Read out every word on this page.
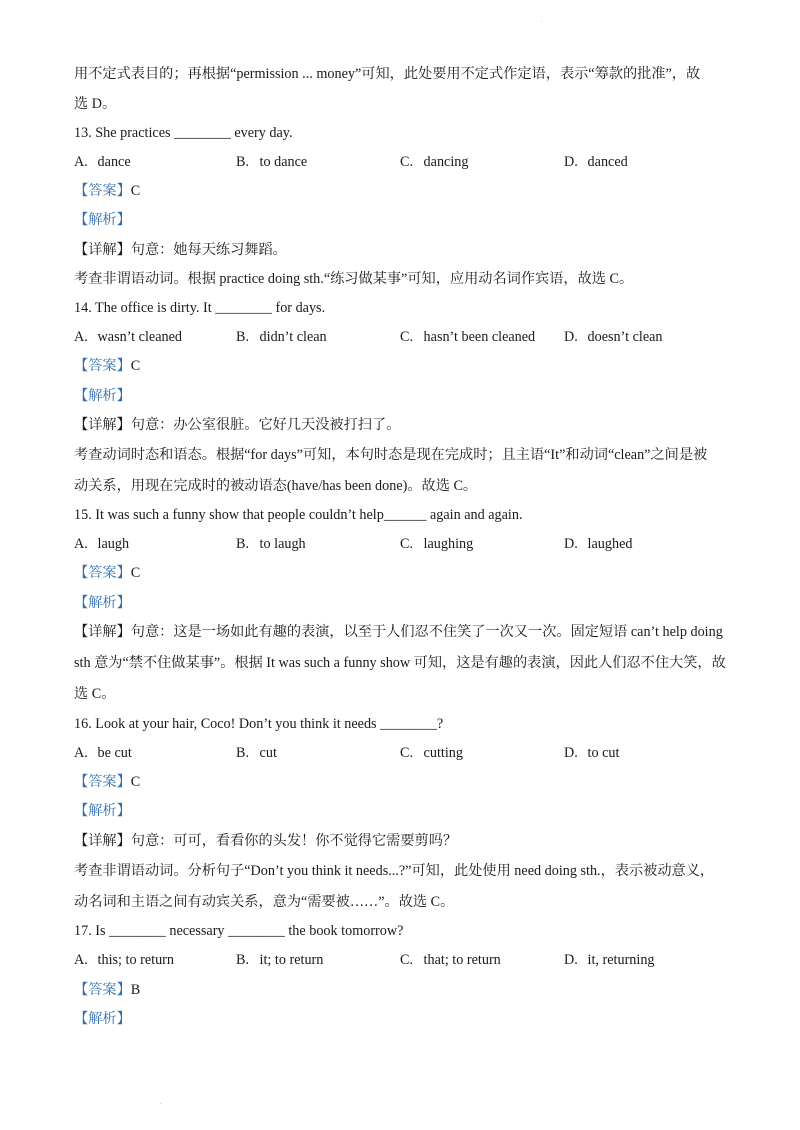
.
用不定式表目的；再根据“permission ... money”可知，此处要用不定式作定语，表示“筹款的批准”，故
选 D。
13. She practices ________ every day.
A. dance	B. to dance	C. dancing	D. danced
【答案】C
【解析】
【详解】句意：她每天练习舞蹈。
考查非谓语动词。根据 practice doing sth.“练习做某事”可知，应用动名词作宾语，故选 C。
14. The office is dirty. It ________ for days.
A. wasn’t cleaned	B. didn’t clean	C. hasn’t been cleaned D. doesn’t clean
【答案】C
【解析】
【详解】句意：办公室很脏。它好几天没被打扫了。
考查动词时态和语态。根据“for days”可知，本句时态是现在完成时；且主语“It”和动词“clean”之间是被
动关系，用现在完成时的被动语态(have/has been done)。故选 C。
15. It was such a funny show that people couldn’t help______ again and again.
A. laugh	B. to laugh	C. laughing	D. laughed
【答案】C
【解析】
【详解】句意：这是一场如此有趣的表演，以至于人们忍不住笑了一次又一次。固定短语 can’t help doing
sth 意为“禁不住做某事”。根据 It was such a funny show 可知，这是有趣的表演，因此人们忍不住大笑，故
选 C。
16. Look at your hair, Coco! Don’t you think it needs ________?
A. be cut	B. cut	C. cutting	D. to cut
【答案】C
【解析】
【详解】句意：可可，看看你的头发！你不觉得它需要剪吗？
考查非谓语动词。分析句子“Don’t you think it needs...?”可知，此处使用 need doing sth.，表示被动意义，
动名词和主语之间有动宾关系，意为“需要被……”。故选 C。
17. Is ________ necessary ________ the book tomorrow?
A. this; to return	B. it; to return	C. that; to return	D. it, returning
【答案】B
【解析】
.
